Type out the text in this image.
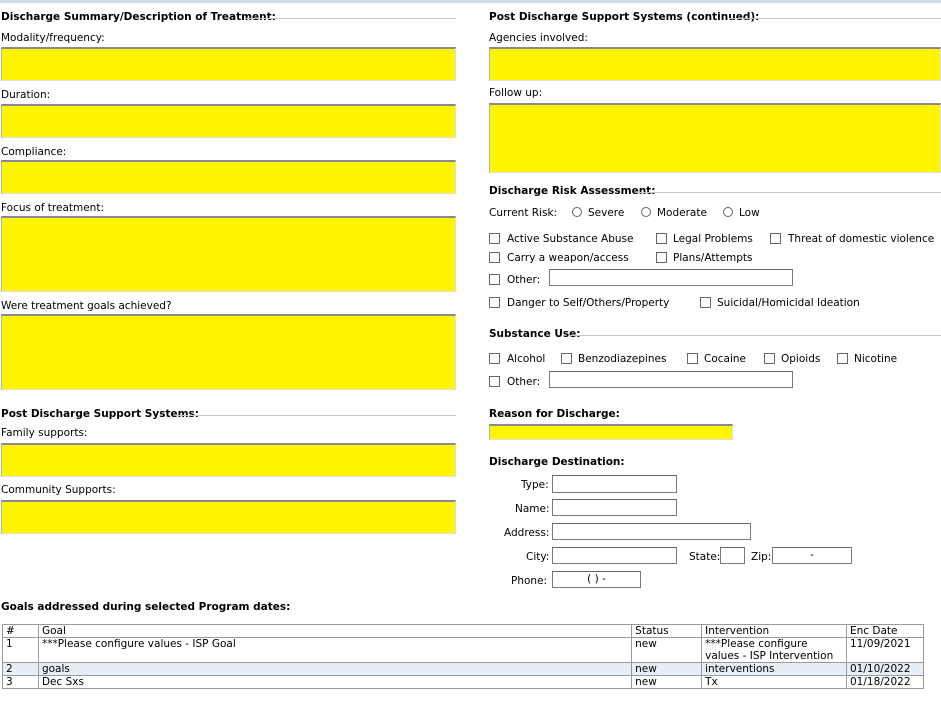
Discharge Summary/Description of Treatment:
Modality/frequency:
Duration:
Compliance:
Focus of treatment:
Were treatment goals achieved?
Post Discharge Support Systems:
Family supports:
Community Supports:
Post Discharge Support Systems (continued):
Agencies involved:
Follow up:
Discharge Risk Assessment:
Current Risk:	Severe	Moderate	Low
Active Substance Abuse	Legal Problems	Threat of domestic violence
Carry a weapon/access	Plans/Attempts
Other:
Danger to Self/Others/Property	Suicidal/Homicidal Ideation
Substance Use:
Alcohol	Benzodiazepines	Cocaine	Opioids	Nicotine
Other:
Reason for Discharge:
Discharge Destination:
Type:
Name:
Address:
City:	State:	Zip:	-
Phone:	( ) -
Goals addressed during selected Program dates:
#	Goal	Status	Intervention	Enc Date
1	***Please configure values - ISP Goal	new	***Please configure values - ISP Intervention	11/09/2021
2	goals	new	interventions	01/10/2022
3	Dec Sxs	new	Tx	01/18/2022
